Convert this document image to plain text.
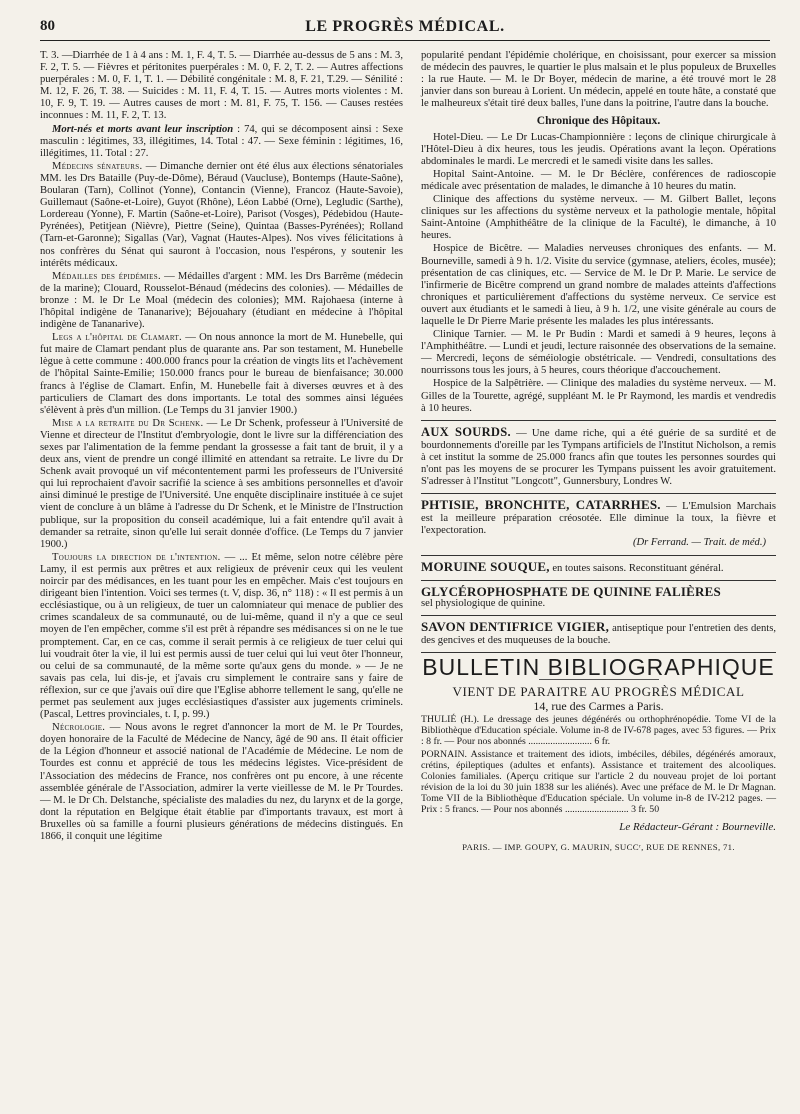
80	LE PROGRÈS MÉDICAL.

T. 3. —Diarrhée de 1 à 4 ans : M. 1, F. 4, T. 5. — Diarrhée au-dessus de 5 ans : M. 3, F. 2, T. 5. — Fièvres et péritonites puerpérales : M. 0, F. 2, T. 2. — Autres affections puerpérales : M. 0, F. 1, T. 1. — Débilité congénitale : M. 8, F. 21, T.29. — Sénilité : M. 12, F. 26, T. 38. — Suicides : M. 11, F. 4, T. 15. — Autres morts violentes : M. 10, F. 9, T. 19. — Autres causes de mort : M. 81, F. 75, T. 156. — Causes restées inconnues : M. 11, F. 2, T. 13.

Mort-nés et morts avant leur inscription : 74, qui se décomposent ainsi : Sexe masculin : légitimes, 33, illégitimes, 14. Total : 47. — Sexe féminin : légitimes, 16, illégitimes, 11. Total : 27.

Médecins sénateurs. — Dimanche dernier ont été élus aux élections sénatoriales MM. les Drs Bataille (Puy-de-Dôme), Béraud (Vaucluse), Bontemps (Haute-Saône), Boularan (Tarn), Collinot (Yonne), Contancin (Vienne), Francoz (Haute-Savoie), Guillemaut (Saône-et-Loire), Guyot (Rhône), Léon Labbé (Orne), Legludic (Sarthe), Lordereau (Yonne), F. Martin (Saône-et-Loire), Parisot (Vosges), Pédebidou (Haute-Pyrénées), Petitjean (Nièvre), Piettre (Seine), Quintaa (Basses-Pyrénées); Rolland (Tarn-et-Garonne); Sigallas (Var), Vagnat (Hautes-Alpes). Nos vives félicitations à nos confrères du Sénat qui sauront à l'occasion, nous l'espérons, y soutenir les intérêts médicaux.

Médailles des épidémies. — Médailles d'argent : MM. les Drs Barrême (médecin de la marine); Clouard, Rousselot-Bénaud (médecins des colonies). — Médailles de bronze : M. le Dr Le Moal (médecin des colonies); MM. Rajohaesa (interne à l'hôpital indigène de Tananarive); Béjouahary (étudiant en médecine à l'hôpital indigène de Tananarive).

Legs a l'hôpital de Clamart. — On nous annonce la mort de M. Hunebelle, qui fut maire de Clamart pendant plus de quarante ans. Par son testament, M. Hunebelle lègue à cette commune : 400.000 francs pour la création de vingts lits et l'achèvement de l'hôpital Sainte-Emilie; 150.000 francs pour le bureau de bienfaisance; 30.000 francs à l'église de Clamart. Enfin, M. Hunebelle fait à diverses œuvres et à des particuliers de Clamart des dons importants. Le total des sommes ainsi léguées s'élèvent à près d'un million. (Le Temps du 31 janvier 1900.)

Mise a la retraite du Dr Schenk. — Le Dr Schenk, professeur à l'Université de Vienne et directeur de l'Institut d'embryologie, dont le livre sur la différenciation des sexes par l'alimentation de la femme pendant la grossesse a fait tant de bruit, il y a deux ans, vient de prendre un congé illimité en attendant sa retraite. Le livre du Dr Schenk avait provoqué un vif mécontentement parmi les professeurs de l'Université qui lui reprochaient d'avoir sacrifié la science à ses ambitions personnelles et d'avoir ainsi diminué le prestige de l'Université. Une enquête disciplinaire instituée à ce sujet vient de conclure à un blâme à l'adresse du Dr Schenk, et le Ministre de l'Instruction publique, sur la proposition du conseil académique, lui a fait entendre qu'il avait à demander sa retraite, sinon qu'elle lui serait donnée d'office. (Le Temps du 7 janvier 1900.)

Toujours la direction de l'intention. — ... Et même, selon notre célèbre père Lamy, il est permis aux prêtres et aux religieux de prévenir ceux qui les veulent noircir par des médisances, en les tuant pour les en empêcher. Mais c'est toujours en dirigeant bien l'intention. Voici ses termes (t. V, disp. 36, n° 118) : « Il est permis à un ecclésiastique, ou à un religieux, de tuer un calomniateur qui menace de publier des crimes scandaleux de sa communauté, ou de lui-même, quand il n'y a que ce seul moyen de l'en empêcher, comme s'il est prêt à répandre ses médisances si on ne le tue promptement. Car, en ce cas, comme il serait permis à ce religieux de tuer celui qui lui voudrait ôter la vie, il lui est permis aussi de tuer celui qui lui veut ôter l'honneur, ou celui de sa communauté, de la même sorte qu'aux gens du monde. » — Je ne savais pas cela, lui dis-je, et j'avais cru simplement le contraire sans y faire de réflexion, sur ce que j'avais ouï dire que l'Eglise abhorre tellement le sang, qu'elle ne permet pas seulement aux juges ecclésiastiques d'assister aux jugements criminels. (Pascal, Lettres provinciales, t. I, p. 99.)

Nécrologie. — Nous avons le regret d'annoncer la mort de M. le Pr Tourdes, doyen honoraire de la Faculté de Médecine de Nancy, âgé de 90 ans. Il était officier de la Légion d'honneur et associé national de l'Académie de Médecine. Le nom de Tourdes est connu et apprécié de tous les médecins légistes. Vice-président de l'Association des médecins de France, nos confrères ont pu encore, à une récente assemblée générale de l'Association, admirer la verte vieillesse de M. le Pr Tourdes. — M. le Dr Ch. Delstanche, spécialiste des maladies du nez, du larynx et de la gorge, dont la réputation en Belgique était établie par d'importants travaux, est mort à Bruxelles où sa famille a fourni plusieurs générations de médecins distingués. En 1866, il conquit une légitime

popularité pendant l'épidémie cholérique, en choisissant, pour exercer sa mission de médecin des pauvres, le quartier le plus malsain et le plus populeux de Bruxelles : la rue Haute. — M. le Dr Boyer, médecin de marine, a été trouvé mort le 28 janvier dans son bureau à Lorient. Un médecin, appelé en toute hâte, a constaté que le malheureux s'était tiré deux balles, l'une dans la poitrine, l'autre dans la bouche.

Chronique des Hôpitaux.

Hotel-Dieu. — Le Dr Lucas-Championnière : leçons de clinique chirurgicale à l'Hôtel-Dieu à dix heures, tous les jeudis. Opérations avant la leçon. Opérations abdominales le mardi. Le mercredi et le samedi visite dans les salles.

Hopital Saint-Antoine. — M. le Dr Béclère, conférences de radioscopie médicale avec présentation de malades, le dimanche à 10 heures du matin.

Clinique des affections du système nerveux. — M. Gilbert Ballet, leçons cliniques sur les affections du système nerveux et la pathologie mentale, hôpital Saint-Antoine (Amphithéâtre de la clinique de la Faculté), le dimanche, à 10 heures.

Hospice de Bicêtre. — Maladies nerveuses chroniques des enfants. — M. Bourneville, samedi à 9 h. 1/2. Visite du service (gymnase, ateliers, écoles, musée); présentation de cas cliniques, etc. — Service de M. le Dr P. Marie. Le service de l'infirmerie de Bicêtre comprend un grand nombre de malades atteints d'affections chroniques et particulièrement d'affections du système nerveux. Ce service est ouvert aux étudiants et le samedi à lieu, à 9 h. 1/2, une visite générale au cours de laquelle le Dr Pierre Marie présente les malades les plus intéressants.

Clinique Tarnier. — M. le Pr Budin : Mardi et samedi à 9 heures, leçons à l'Amphithéâtre. — Lundi et jeudi, lecture raisonnée des observations de la semaine. — Mercredi, leçons de séméiologie obstétricale. — Vendredi, consultations des nourrissons tous les jours, à 5 heures, cours théorique d'accouchement.

Hospice de la Salpêtrière. — Clinique des maladies du système nerveux. — M. Gilles de la Tourette, agrégé, suppléant M. le Pr Raymond, les mardis et vendredis à 10 heures.

AUX SOURDS. — Une dame riche, qui a été guérie de sa surdité et de bourdonnements d'oreille par les Tympans artificiels de l'Institut Nicholson, a remis à cet institut la somme de 25.000 francs afin que toutes les personnes sourdes qui n'ont pas les moyens de se procurer les Tympans puissent les avoir gratuitement. S'adresser à l'Institut "Longcott", Gunnersbury, Londres W.
PHTISIE, BRONCHITE, CATARRHES. — L'Emulsion Marchais est la meilleure préparation créosotée. Elle diminue la toux, la fièvre et l'expectoration.
(Dr Ferrand. — Trait. de méd.)
MORUINE SOUQUE, en toutes saisons. Reconstituant général.
GLYCÉROPHOSPHATE DE QUININE FALIÈRES
sel physiologique de quinine.
SAVON DENTIFRICE VIGIER, antiseptique pour l'entretien des dents, des gencives et des muqueuses de la bouche.
BULLETIN BIBLIOGRAPHIQUE
VIENT DE PARAITRE AU PROGRÈS MÉDICAL
14, rue des Carmes a Paris.

THULIÉ (H.). Le dressage des jeunes dégénérés ou orthophrénopédie. Tome VI de la Bibliothèque d'Education spéciale. Volume in-8 de IV-678 pages, avec 53 figures. — Prix : 8 fr. — Pour nos abonnés .......................... 6 fr.

PORNAIN. Assistance et traitement des idiots, imbéciles, débiles, dégénérés amoraux, crétins, épileptiques (adultes et enfants). Assistance et traitement des alcooliques. Colonies familiales. (Aperçu critique sur l'article 2 du nouveau projet de loi portant révision de la loi du 30 juin 1838 sur les aliénés). Avec une préface de M. le Dr Magnan. Tome VII de la Bibliothèque d'Education spéciale. Un volume in-8 de IV-212 pages. — Prix : 5 francs. — Pour nos abonnés .......................... 3 fr. 50

Le Rédacteur-Gérant : Bourneville.
PARIS. — IMP. GOUPY, G. MAURIN, SUCCʳ, RUE DE RENNES, 71.
